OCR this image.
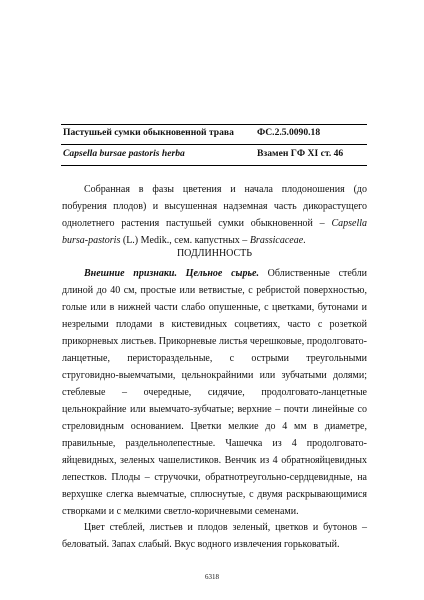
Пастушьей сумки обыкновенной трава ФС.2.5.0090.18
Capsella bursae pastoris herba	Взамен ГФ XI ст. 46

Собранная в фазы цветения и начала плодоношения (до побурения плодов) и высушенная надземная часть дикорастущего однолетнего растения пастушьей сумки обыкновенной – Capsella bursa-pastoris (L.) Medik., сем. капустных – Brassicaceae.

ПОДЛИННОСТЬ

Внешние признаки. Цельное сырье. Облиственные стебли длиной до 40 см, простые или ветвистые, с ребристой поверхностью, голые или в нижней части слабо опушенные, с цветками, бутонами и незрелыми плодами в кистевидных соцветиях, часто с розеткой прикорневых листьев. Прикорневые листья черешковые, продолговато-ланцетные, перистораздельные, с острыми треугольными стругoвидно-выемчатыми, цельнокрайними или зубчатыми долями; стеблевые – очередные, сидячие, продолговато-ланцетные цельнокрайние или выемчато-зубчатые; верхние – почти линейные со стреловидным основанием. Цветки мелкие до 4 мм в диаметре, правильные, раздельнолепестные. Чашечка из 4 продолговато-яйцевидных, зеленых чашелистиков. Венчик из 4 обратнояйцевидных лепестков. Плоды – стручочки, обратнотреугольно-сердцевидные, на верхушке слегка выемчатые, сплюснутые, с двумя раскрывающимися створками и с мелкими светло-коричневыми семенами.

Цвет стеблей, листьев и плодов зеленый, цветков и бутонов – беловатый. Запах слабый. Вкус водного извлечения горьковатый.

6318
